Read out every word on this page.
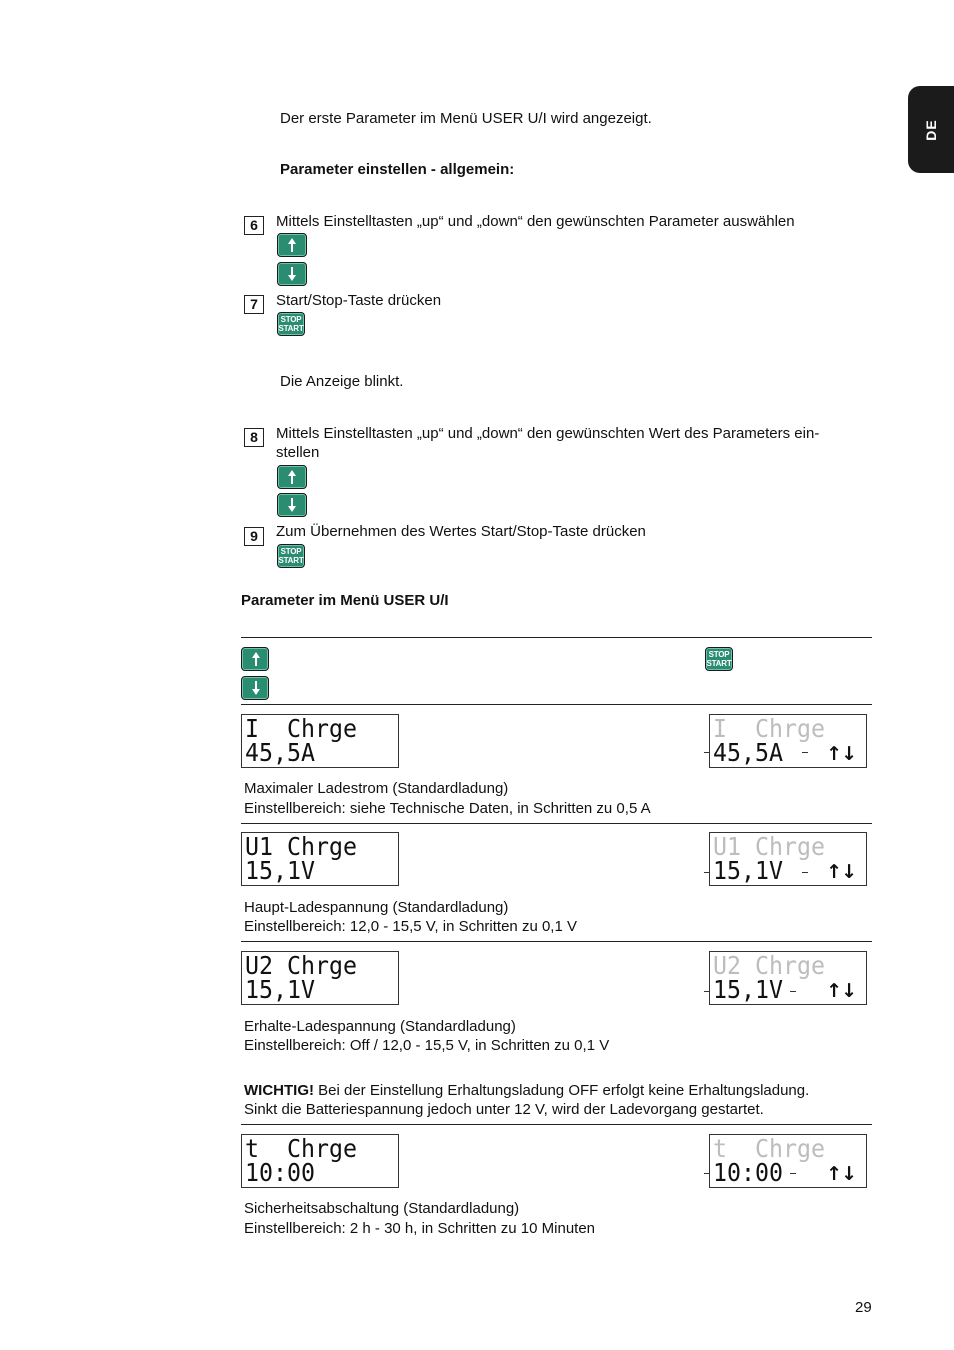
DE
Der erste Parameter im Menü USER U/I wird angezeigt.
Parameter einstellen - allgemein:
6	Mittels Einstelltasten „up“ und „down“ den gewünschten Parameter auswählen
7	Start/Stop-Taste drücken
STOP
START
Die Anzeige blinkt.
8	Mittels Einstelltasten „up“ und „down“ den gewünschten Wert des Parameters ein-
stellen
9	Zum Übernehmen des Wertes Start/Stop-Taste drücken
STOP
START
Parameter im Menü USER U/I
STOP
START
I  Chrge
45,5A
I  Chrge
45,5A ↑↓
Maximaler Ladestrom (Standardladung)
Einstellbereich: siehe Technische Daten, in Schritten zu 0,5 A
U1 Chrge
15,1V
U1 Chrge
15,1V ↑↓
Haupt-Ladespannung (Standardladung)
Einstellbereich: 12,0 - 15,5 V, in Schritten zu 0,1 V
U2 Chrge
15,1V
U2 Chrge
15,1V ↑↓
Erhalte-Ladespannung (Standardladung)
Einstellbereich: Off / 12,0 - 15,5 V, in Schritten zu 0,1 V
WICHTIG! Bei der Einstellung Erhaltungsladung OFF erfolgt keine Erhaltungsladung.
Sinkt die Batteriespannung jedoch unter 12 V, wird der Ladevorgang gestartet.
t  Chrge
10:00
t  Chrge
10:00 ↑↓
Sicherheitsabschaltung (Standardladung)
Einstellbereich: 2 h - 30 h, in Schritten zu 10 Minuten
29
